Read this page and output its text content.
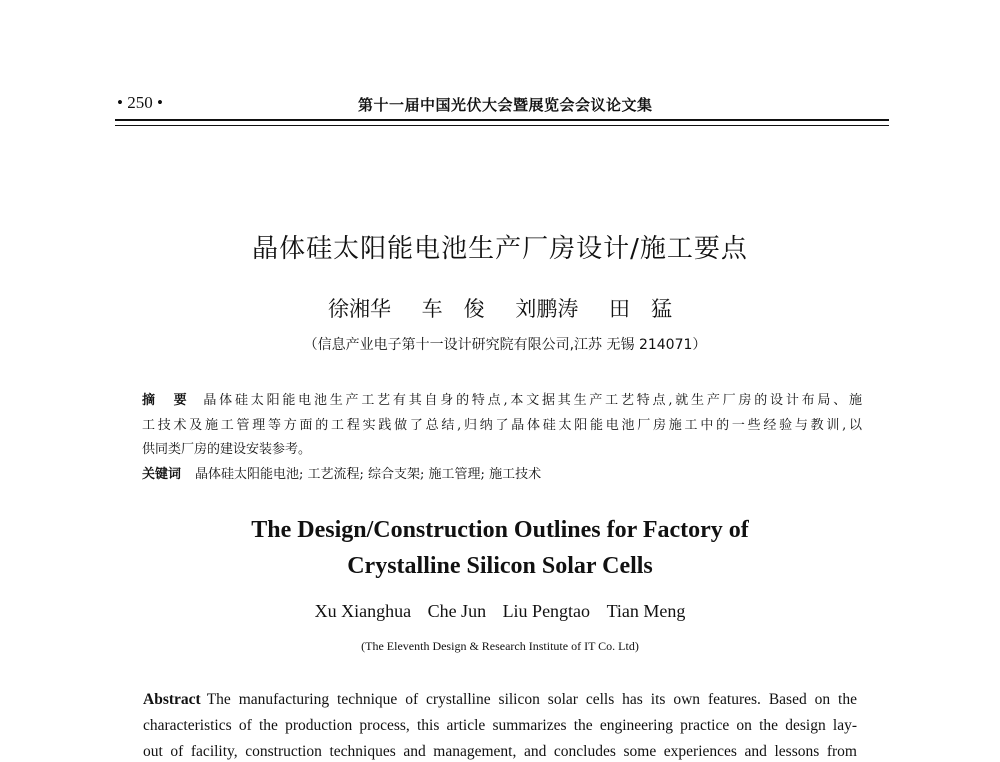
• 250 •	第十一届中国光伏大会暨展览会会议论文集
晶体硅太阳能电池生产厂房设计/施工要点
徐湘华 车　俊 刘鹏涛 田　猛
（信息产业电子第十一设计研究院有限公司,江苏 无锡 214071）
摘　要 晶体硅太阳能电池生产工艺有其自身的特点,本文据其生产工艺特点,就生产厂房的设计布局、施
工技术及施工管理等方面的工程实践做了总结,归纳了晶体硅太阳能电池厂房施工中的一些经验与教训,以
供同类厂房的建设安装参考。
关键词 晶体硅太阳能电池; 工艺流程; 综合支架; 施工管理; 施工技术
The Design/Construction Outlines for Factory of
Crystalline Silicon Solar Cells
Xu Xianghua Che Jun Liu Pengtao Tian Meng
(The Eleventh Design & Research Institute of IT Co. Ltd)
Abstract The manufacturing technique of crystalline silicon solar cells has its own features. Based on the
characteristics of the production process, this article summarizes the engineering practice on the design lay-
out of facility, construction techniques and management, and concludes some experiences and lessons from
